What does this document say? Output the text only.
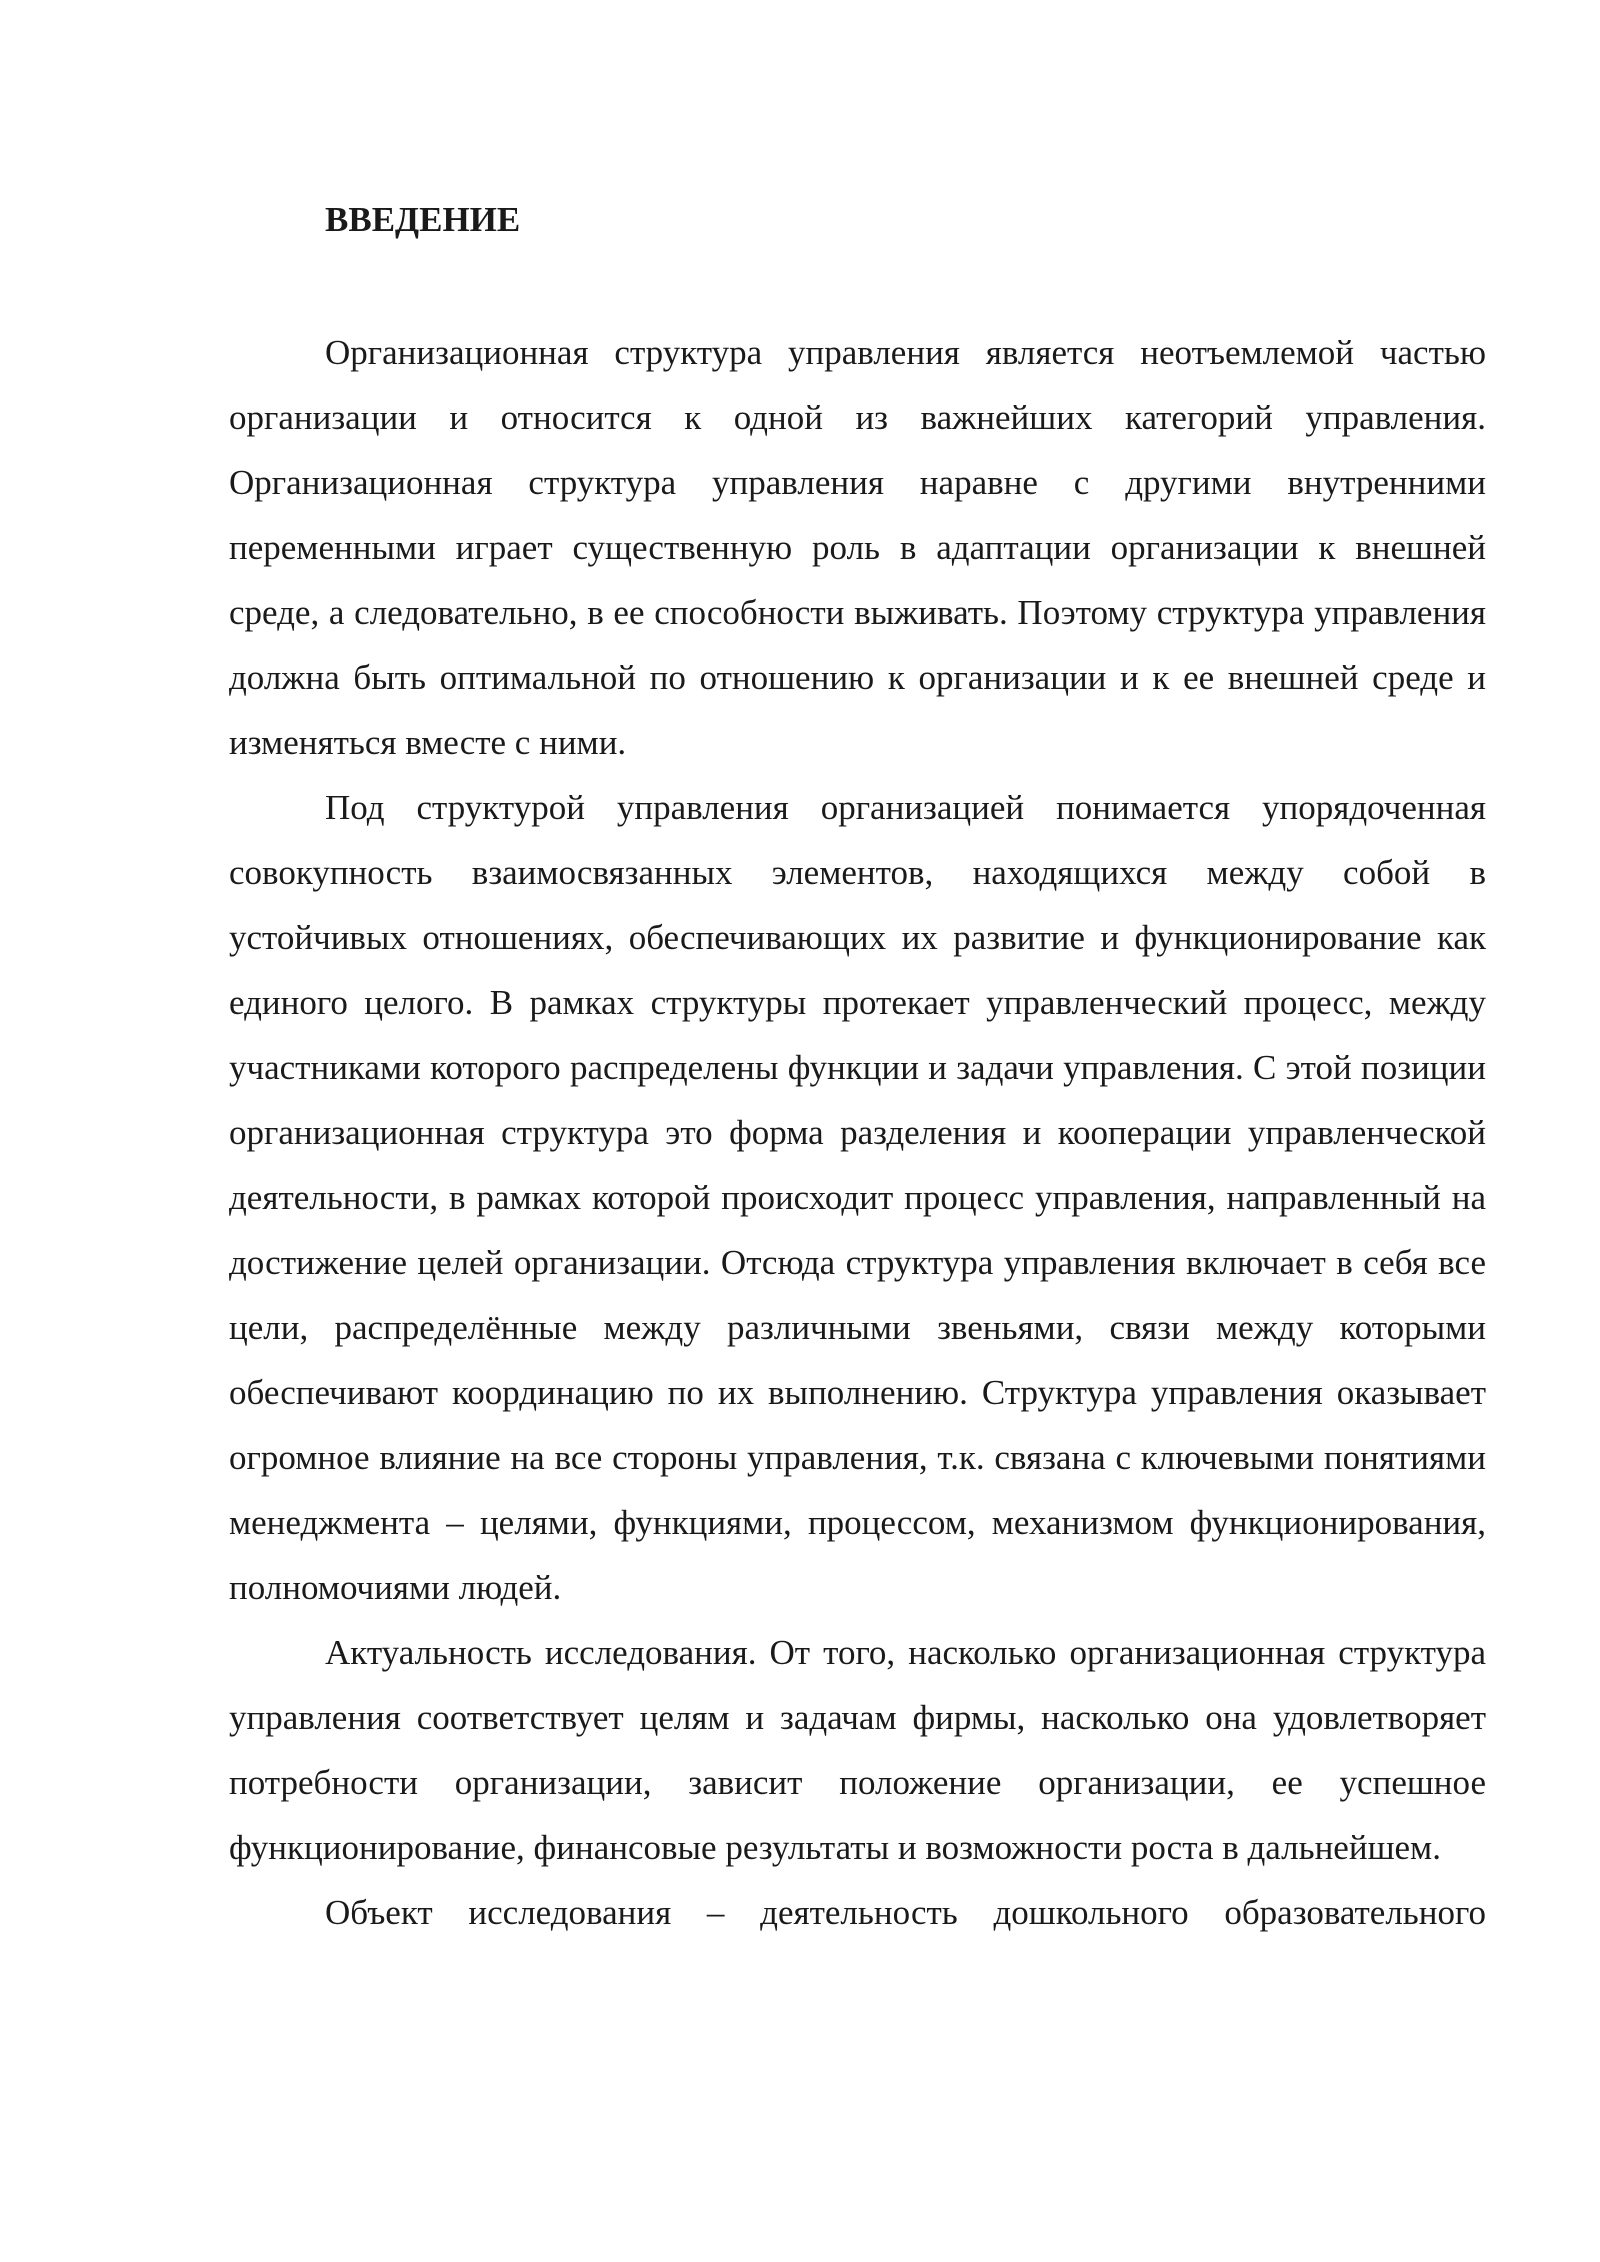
ВВЕДЕНИЕ

Организационная структура управления является неотъемлемой частью организации и относится к одной из важнейших категорий управления. Организационная структура управления наравне с другими внутренними переменными играет существенную роль в адаптации организации к внешней среде, а следовательно, в ее способности выживать. Поэтому структура управления должна быть оптимальной по отношению к организации и к ее внешней среде и изменяться вместе с ними.

Под структурой управления организацией понимается упорядоченная совокупность взаимосвязанных элементов, находящихся между собой в устойчивых отношениях, обеспечивающих их развитие и функционирование как единого целого. В рамках структуры протекает управленческий процесс, между участниками которого распределены функции и задачи управления. С этой позиции организационная структура это форма разделения и кооперации управленческой деятельности, в рамках которой происходит процесс управления, направленный на достижение целей организации. Отсюда структура управления включает в себя все цели, распределённые между различными звеньями, связи между которыми обеспечивают координацию по их выполнению. Структура управления оказывает огромное влияние на все стороны управления, т.к. связана с ключевыми понятиями менеджмента – целями, функциями, процессом, механизмом функционирования, полномочиями людей.

Актуальность исследования. От того, насколько организационная структура управления соответствует целям и задачам фирмы, насколько она удовлетворяет потребности организации, зависит положение организации, ее успешное функционирование, финансовые результаты и возможности роста в дальнейшем.

Объект исследования – деятельность дошкольного образовательного
